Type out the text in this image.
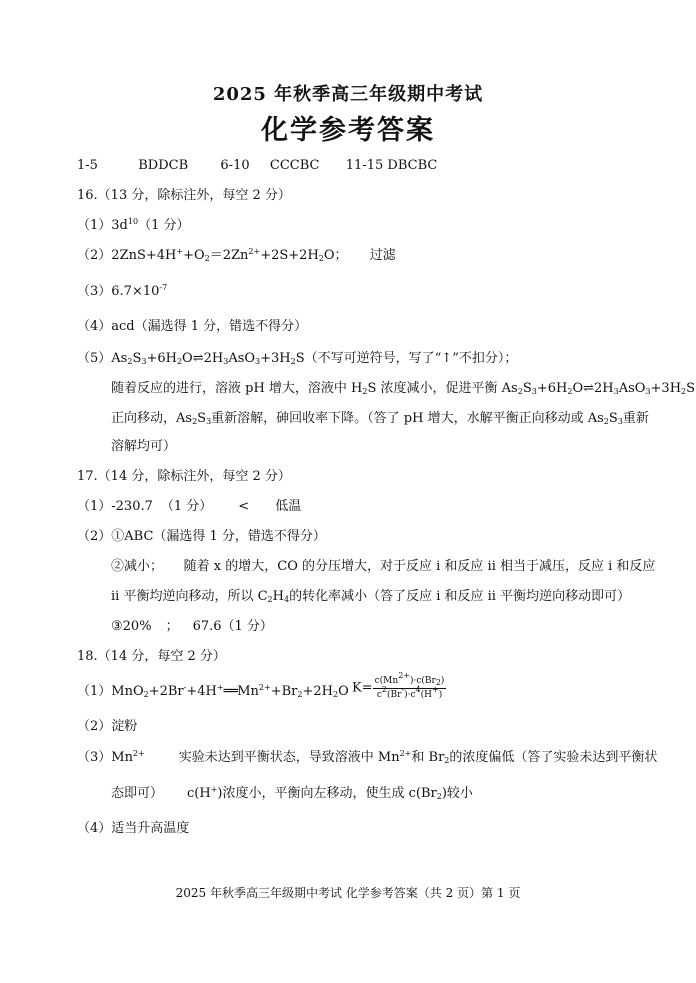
2025 年秋季高三年级期中考试
化学参考答案
1-5	BDDCB 6-10 CCCBC 11-15 DBCBC
16.（13 分，除标注外，每空 2 分）
$(1)3d^{10}(1$ 分）
$(2)2ZnS+4H^++O_2=2Zn^{2+}+2S+2H_2O$； 过滤
$(3)6.7\times 10^{-7}$
（4）acd（漏选得 1 分，错选不得分）
$(5)As_2S_3+6H_2O\rightleftharpoons 2H_3AsO_3+3H_2S$（不写可逆符号，写了“↑”不扣分）；
随着反应的进行，溶液 pH 增大，溶液中 $H_2S$ 浓度减小，促进平衡 $As_2S_3+6H_2O\rightleftharpoons 2H_3AsO_3+3H_2S$
正向移动，$As_2S_3$重新溶解，砷回收率下降。（答了 pH 增大，水解平衡正向移动或 $As_2S_3$重新
溶解均可）
17.（14 分，除标注外，每空 2 分）
（1）-230.7 （1 分） < 低温
（2）①ABC（漏选得 1 分，错选不得分）
②减小；     随着 x 的增大，CO 的分压增大，对于反应 i 和反应 ii 相当于减压，反应 i 和反应
ii 平衡均逆向移动，所以 $C_2H_4$的转化率减小（答了反应 i 和反应 ii 平衡均逆向移动即可）
③20% ； 67.6（1 分）
18.（14 分，每空 2 分）
$(1)MnO_2+2Br^-+4H^+══Mn^{2+}+Br_2+2H_2O$ $K= \frac{c(Mn^{2+})\cdot c(Br_2)}{c^2(Br^-)\cdot c^4(H^+)}$
（2）淀粉
$(3)Mn^{2+}$	实验未达到平衡状态，导致溶液中 $Mn^{2+}$和 $Br_2$的浓度偏低（答了实验未达到平衡状
态即可） c(H+)浓度小，平衡向左移动，使生成 $c(Br_2)$较小
（4）适当升高温度
2025 年秋季高三年级期中考试 化学参考答案（共 2 页）第 1 页
